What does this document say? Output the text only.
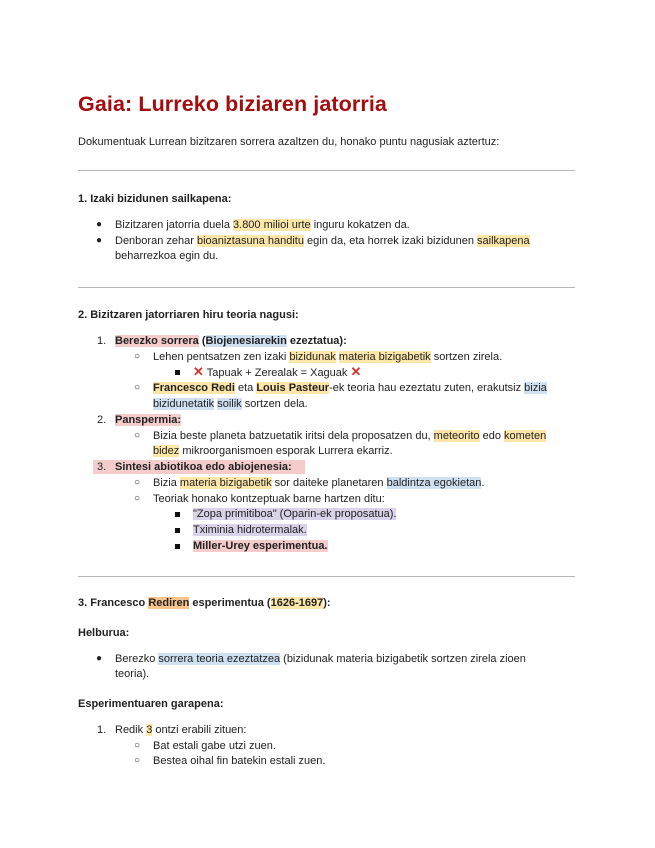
Gaia: Lurreko biziaren jatorria
Dokumentuak Lurrean bizitzaren sorrera azaltzen du, honako puntu nagusiak aztertuz:
1. Izaki bizidunen sailkapena:
● Bizitzaren jatorria duela 3.800 milioi urte inguru kokatzen da.
● Denboran zehar bioaniztasuna handitu egin da, eta horrek izaki bizidunen sailkapena
beharrezkoa egin du.
2. Bizitzaren jatorriaren hiru teoria nagusi:
1. Berezko sorrera (Biojenesiarekin ezeztatua):
○ Lehen pentsatzen zen izaki bizidunak materia bizigabetik sortzen zirela.
✕ Tapuak + Zerealak = Xaguak ✕
○ Francesco Redi eta Louis Pasteur-ek teoria hau ezeztatu zuten, erakutsiz bizia
bizidunetatik soilik sortzen dela.
2. Panspermia:
○ Bizia beste planeta batzuetatik iritsi dela proposatzen du, meteorito edo kometen
bidez mikroorganismoen esporak Lurrera ekarriz.
3. Sintesi abiotikoa edo abiojenesia:
○ Bizia materia bizigabetik sor daiteke planetaren baldintza egokietan.
○ Teoriak honako kontzeptuak barne hartzen ditu:
"Zopa primitiboa" (Oparin-ek proposatua).
Tximinia hidrotermalak.
Miller-Urey esperimentua.
3. Francesco Rediren esperimentua (1626-1697):
Helburua:
● Berezko sorrera teoria ezeztatzea (bizidunak materia bizigabetik sortzen zirela zioen
teoria).
Esperimentuaren garapena:
1. Redik 3 ontzi erabili zituen:
○ Bat estali gabe utzi zuen.
○ Bestea oihal fin batekin estali zuen.
